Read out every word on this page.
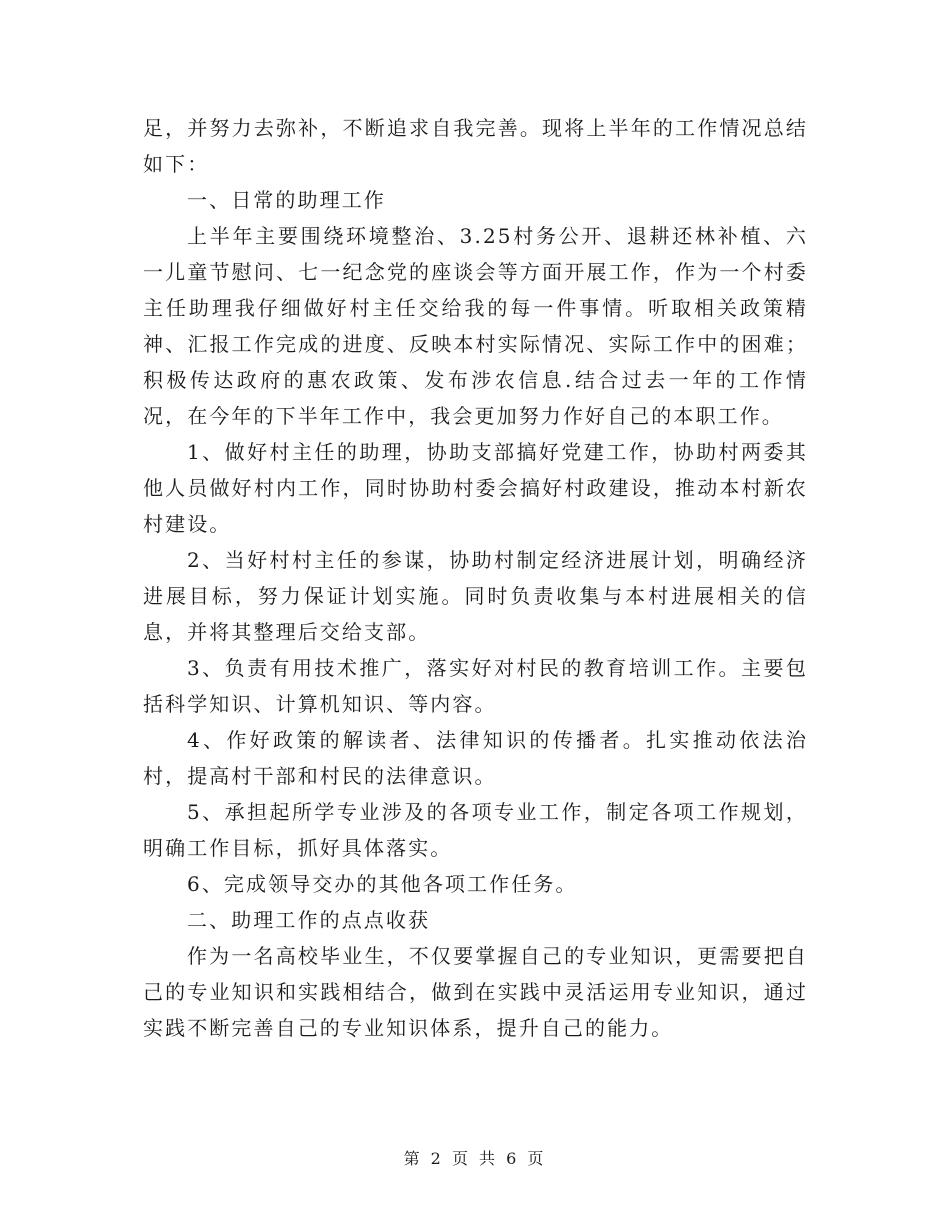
足，并努力去弥补，不断追求自我完善。现将上半年的工作情况总结如下：

一、日常的助理工作

上半年主要围绕环境整治、3.25村务公开、退耕还林补植、六一儿童节慰问、七一纪念党的座谈会等方面开展工作，作为一个村委主任助理我仔细做好村主任交给我的每一件事情。听取相关政策精神、汇报工作完成的进度、反映本村实际情况、实际工作中的困难；积极传达政府的惠农政策、发布涉农信息.结合过去一年的工作情况，在今年的下半年工作中，我会更加努力作好自己的本职工作。

1、做好村主任的助理，协助支部搞好党建工作，协助村两委其他人员做好村内工作，同时协助村委会搞好村政建设，推动本村新农村建设。

2、当好村村主任的参谋，协助村制定经济进展计划，明确经济进展目标，努力保证计划实施。同时负责收集与本村进展相关的信息，并将其整理后交给支部。

3、负责有用技术推广，落实好对村民的教育培训工作。主要包括科学知识、计算机知识、等内容。

4、作好政策的解读者、法律知识的传播者。扎实推动依法治村，提高村干部和村民的法律意识。

5、承担起所学专业涉及的各项专业工作，制定各项工作规划，明确工作目标，抓好具体落实。

6、完成领导交办的其他各项工作任务。

二、助理工作的点点收获

作为一名高校毕业生，不仅要掌握自己的专业知识，更需要把自己的专业知识和实践相结合，做到在实践中灵活运用专业知识，通过实践不断完善自己的专业知识体系，提升自己的能力。

第 2 页 共 6 页
